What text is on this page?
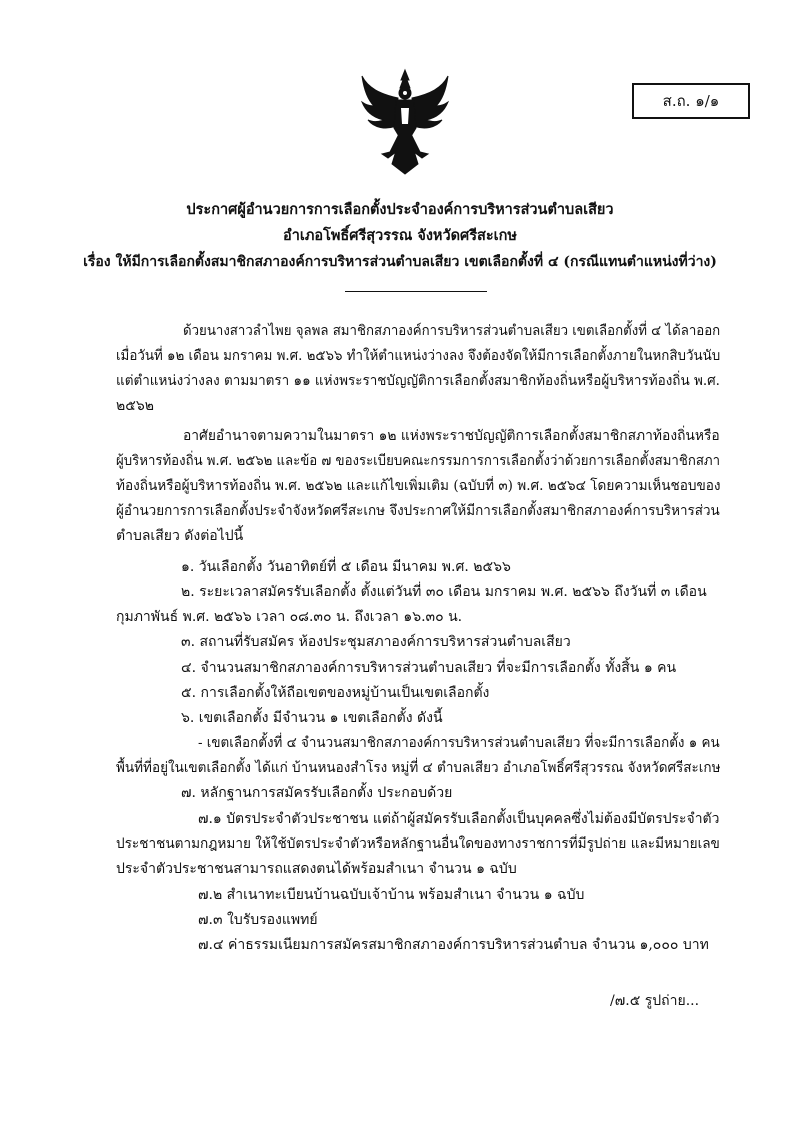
ส.ถ. ๑/๑
ประกาศผู้อำนวยการการเลือกตั้งประจำองค์การบริหารส่วนตำบลเสียว
อำเภอโพธิ์ศรีสุวรรณ จังหวัดศรีสะเกษ
เรื่อง ให้มีการเลือกตั้งสมาชิกสภาองค์การบริหารส่วนตำบลเสียว เขตเลือกตั้งที่ ๔ (กรณีแทนตำแหน่งที่ว่าง)
ด้วยนางสาวลำไพย จุลพล สมาชิกสภาองค์การบริหารส่วนตำบลเสียว เขตเลือกตั้งที่ ๔ ได้ลาออก
เมื่อวันที่ ๑๒ เดือน มกราคม พ.ศ. ๒๕๖๖ ทำให้ตำแหน่งว่างลง จึงต้องจัดให้มีการเลือกตั้งภายในหกสิบวันนับ
แต่ตำแหน่งว่างลง ตามมาตรา ๑๑ แห่งพระราชบัญญัติการเลือกตั้งสมาชิกท้องถิ่นหรือผู้บริหารท้องถิ่น พ.ศ.
๒๕๖๒
อาศัยอำนาจตามความในมาตรา ๑๒ แห่งพระราชบัญญัติการเลือกตั้งสมาชิกสภาท้องถิ่นหรือ
ผู้บริหารท้องถิ่น พ.ศ. ๒๕๖๒ และข้อ ๗ ของระเบียบคณะกรรมการการเลือกตั้งว่าด้วยการเลือกตั้งสมาชิกสภา
ท้องถิ่นหรือผู้บริหารท้องถิ่น พ.ศ. ๒๕๖๒ และแก้ไขเพิ่มเติม (ฉบับที่ ๓) พ.ศ. ๒๕๖๔ โดยความเห็นชอบของ
ผู้อำนวยการการเลือกตั้งประจำจังหวัดศรีสะเกษ จึงประกาศให้มีการเลือกตั้งสมาชิกสภาองค์การบริหารส่วน
ตำบลเสียว ดังต่อไปนี้
๑. วันเลือกตั้ง วันอาทิตย์ที่ ๕ เดือน มีนาคม พ.ศ. ๒๕๖๖
๒. ระยะเวลาสมัครรับเลือกตั้ง ตั้งแต่วันที่ ๓๐ เดือน มกราคม พ.ศ. ๒๕๖๖ ถึงวันที่ ๓ เดือน
กุมภาพันธ์ พ.ศ. ๒๕๖๖ เวลา ๐๘.๓๐ น. ถึงเวลา ๑๖.๓๐ น.
๓. สถานที่รับสมัคร ห้องประชุมสภาองค์การบริหารส่วนตำบลเสียว
๔. จำนวนสมาชิกสภาองค์การบริหารส่วนตำบลเสียว ที่จะมีการเลือกตั้ง ทั้งสิ้น ๑ คน
๕. การเลือกตั้งให้ถือเขตของหมู่บ้านเป็นเขตเลือกตั้ง
๖. เขตเลือกตั้ง มีจำนวน ๑ เขตเลือกตั้ง ดังนี้
- เขตเลือกตั้งที่ ๔ จำนวนสมาชิกสภาองค์การบริหารส่วนตำบลเสียว ที่จะมีการเลือกตั้ง ๑ คน
พื้นที่ที่อยู่ในเขตเลือกตั้ง ได้แก่ บ้านหนองสำโรง หมู่ที่ ๔ ตำบลเสียว อำเภอโพธิ์ศรีสุวรรณ จังหวัดศรีสะเกษ
๗. หลักฐานการสมัครรับเลือกตั้ง ประกอบด้วย
๗.๑ บัตรประจำตัวประชาชน แต่ถ้าผู้สมัครรับเลือกตั้งเป็นบุคคลซึ่งไม่ต้องมีบัตรประจำตัว
ประชาชนตามกฎหมาย ให้ใช้บัตรประจำตัวหรือหลักฐานอื่นใดของทางราชการที่มีรูปถ่าย และมีหมายเลข
ประจำตัวประชาชนสามารถแสดงตนได้พร้อมสำเนา จำนวน ๑ ฉบับ
๗.๒ สำเนาทะเบียนบ้านฉบับเจ้าบ้าน พร้อมสำเนา จำนวน ๑ ฉบับ
๗.๓ ใบรับรองแพทย์
๗.๔ ค่าธรรมเนียมการสมัครสมาชิกสภาองค์การบริหารส่วนตำบล จำนวน ๑,๐๐๐ บาท
/๗.๕ รูปถ่าย...
